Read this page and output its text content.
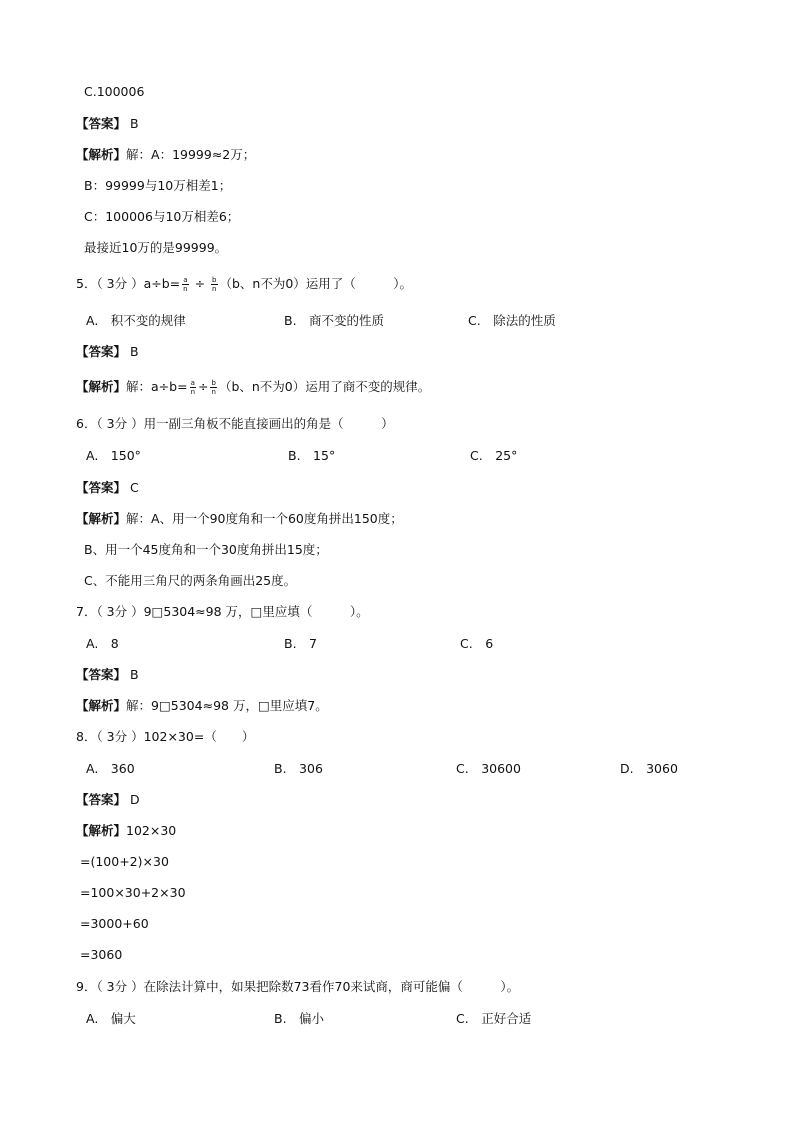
C.100006
【答案】 B
【解析】解：A：19999≈2万；
B：99999与10万相差1；
C：100006与10万相差6；
最接近10万的是99999。
5．（ 3分 ）$a\div b= \frac{a}{n} \div \frac{b}{n} (b$、n不为0）运用了（　　　）。
A.　积不变的规律	B.　商不变的性质	C.　除法的性质
【答案】 B
【解析】解：$a\div b= \frac{a}{n} \div \frac{b}{n} (b$、n不为0）运用了商不变的规律。
6．（ 3分 ）用一副三角板不能直接画出的角是（　　　）
A.　150°	B.　15°	C.　25°
【答案】 C
【解析】解：A、用一个90度角和一个60度角拼出150度；
B、用一个45度角和一个30度角拼出15度；
C、不能用三角尺的两条角画出25度。
7．（ 3分 ）9□5304≈98 万，□里应填（　　　）。
A.　8	B.　7	C.　6
【答案】 B
【解析】解：9□5304≈98 万，□里应填7。
8．（ 3分 ）102×30=（　　）
A.　360	B.　306	C.　30600	D.　3060
【答案】 D
【解析】102×30
=(100+2)×30
=100×30+2×30
=3000+60
=3060
9．（ 3分 ）在除法计算中，如果把除数73看作70来试商，商可能偏（　　　）。
A.　偏大	B.　偏小	C.　正好合适
